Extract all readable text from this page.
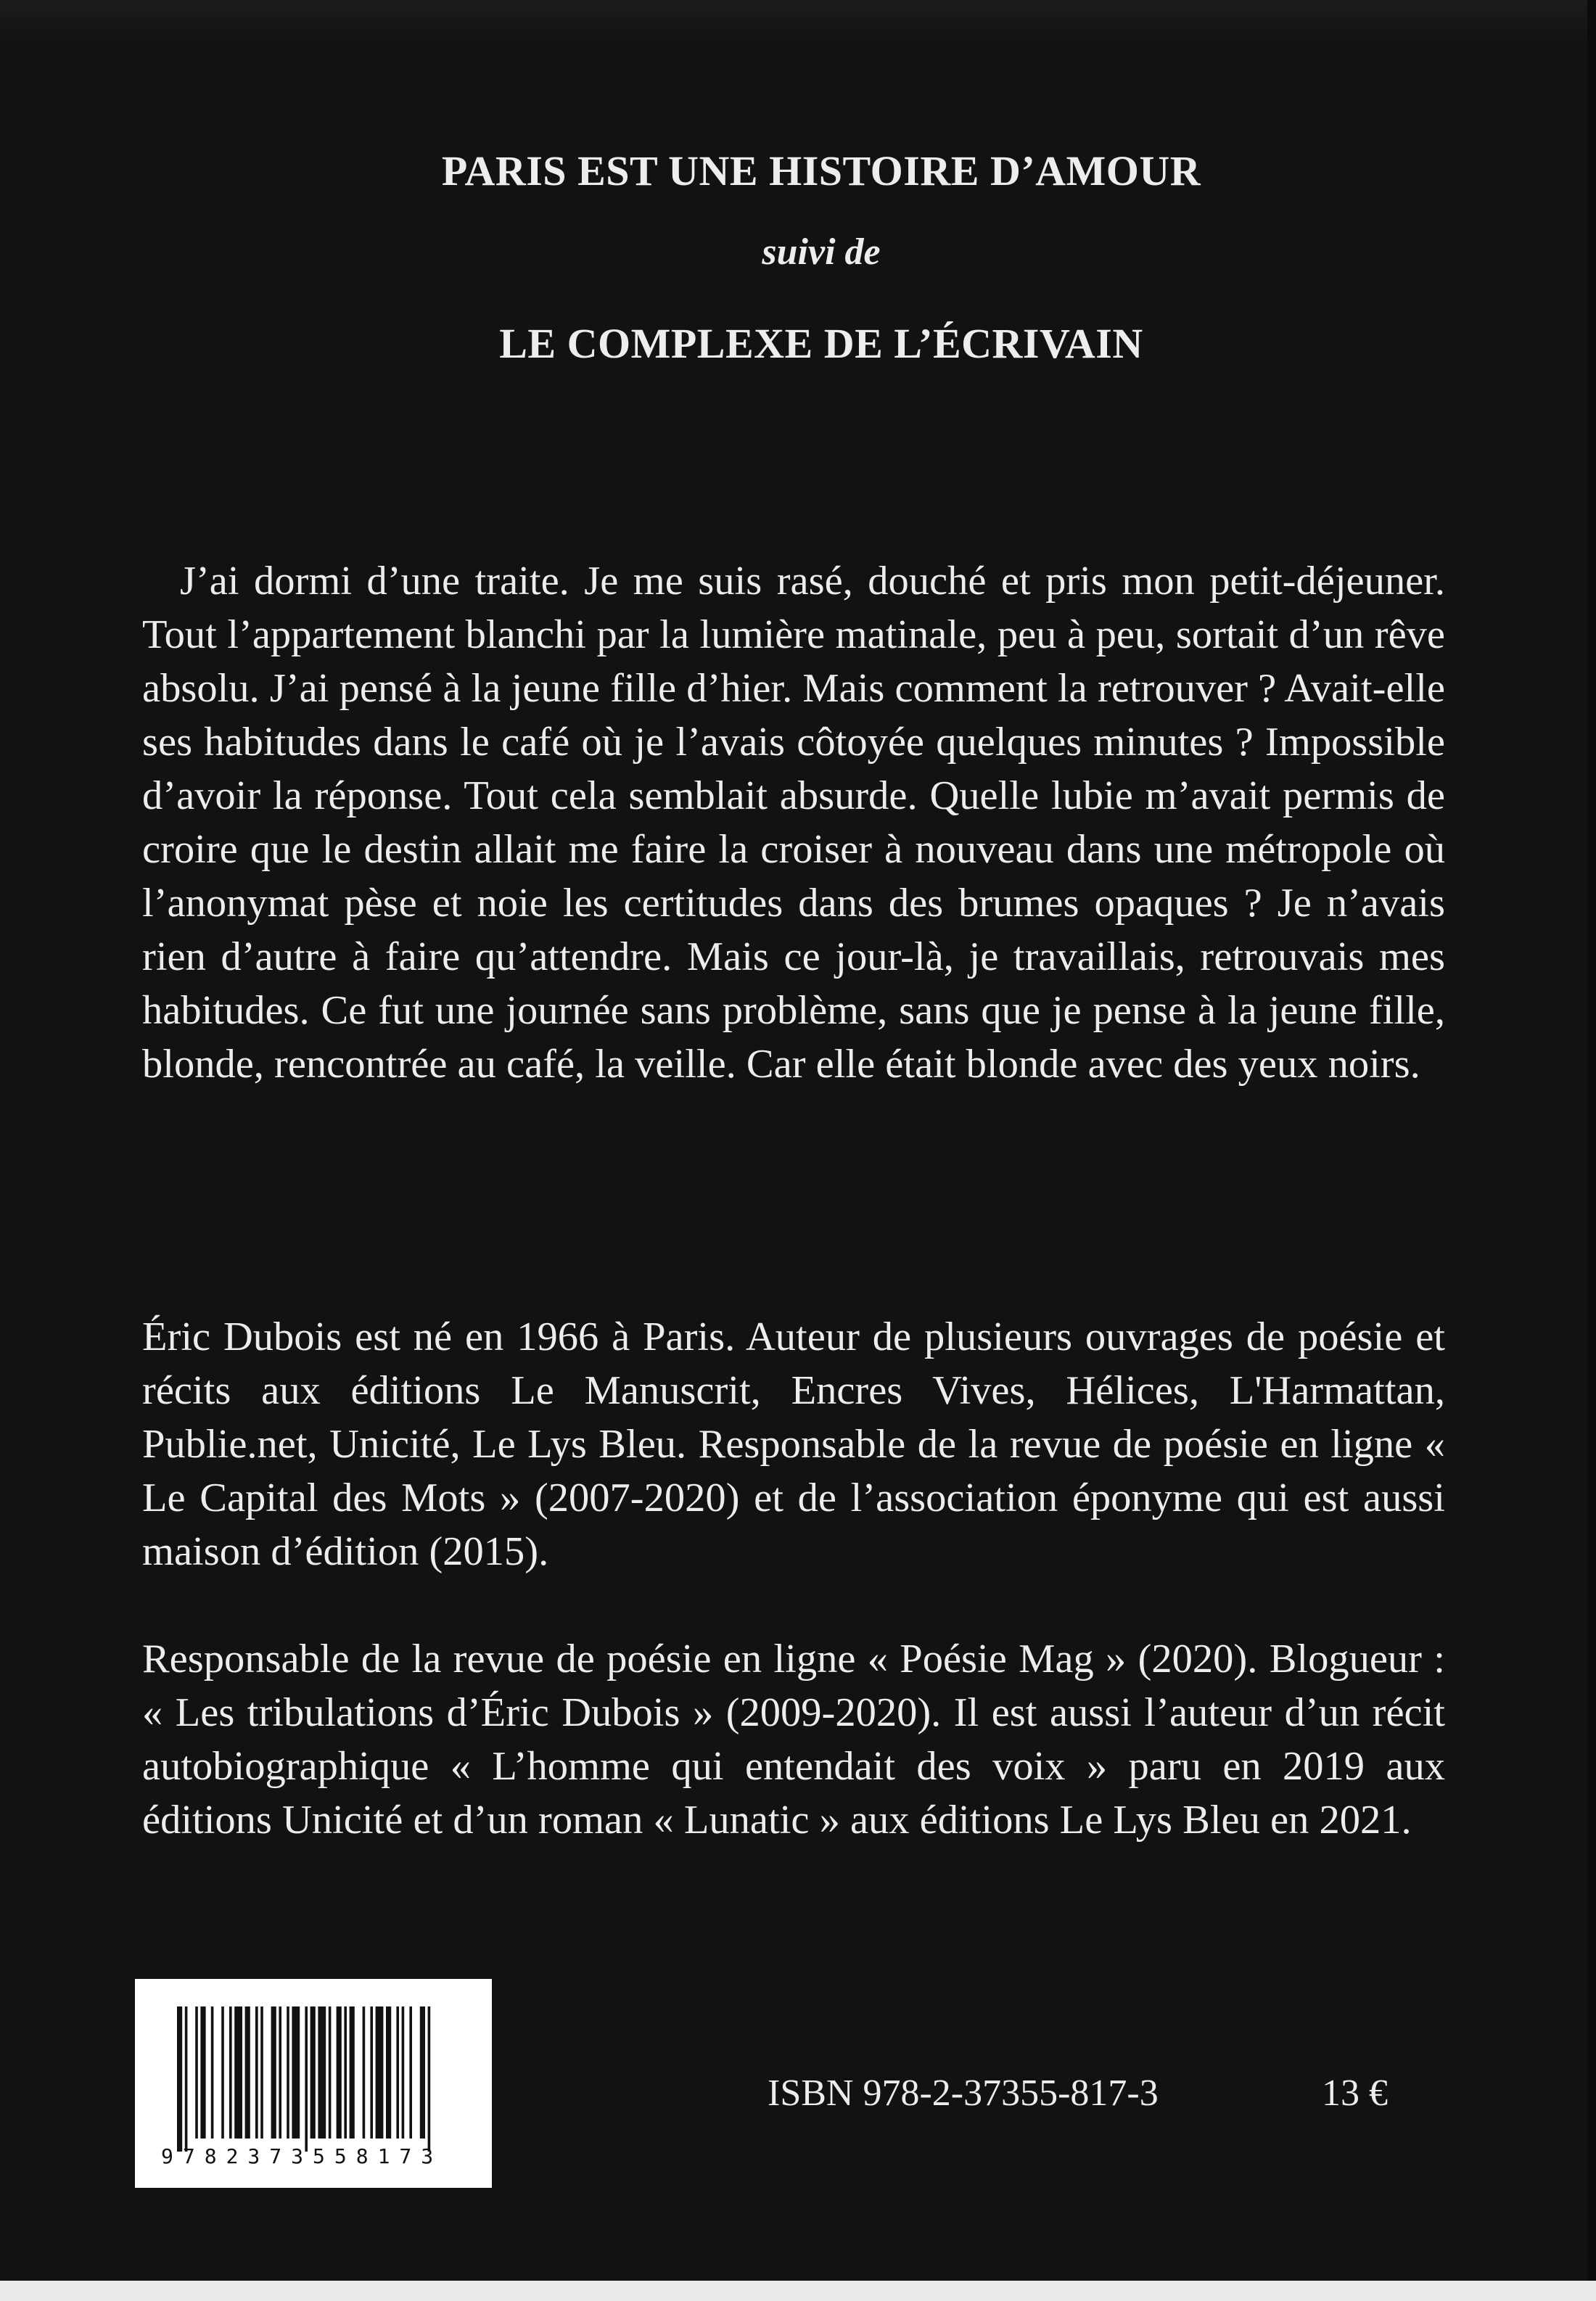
PARIS EST UNE HISTOIRE D’AMOUR
suivi de
LE COMPLEXE DE L’ÉCRIVAIN

J’ai dormi d’une traite. Je me suis rasé, douché et pris mon petit-déjeuner. Tout l’appartement blanchi par la lumière matinale, peu à peu, sortait d’un rêve absolu. J’ai pensé à la jeune fille d’hier. Mais comment la retrouver ? Avait-elle ses habitudes dans le café où je l’avais côtoyée quelques minutes ? Impossible d’avoir la réponse. Tout cela semblait absurde. Quelle lubie m’avait permis de croire que le destin allait me faire la croiser à nouveau dans une métropole où l’anonymat pèse et noie les certitudes dans des brumes opaques ? Je n’avais rien d’autre à faire qu’attendre. Mais ce jour-là, je travaillais, retrouvais mes habitudes. Ce fut une journée sans problème, sans que je pense à la jeune fille, blonde, rencontrée au café, la veille. Car elle était blonde avec des yeux noirs.

Éric Dubois est né en 1966 à Paris. Auteur de plusieurs ouvrages de poésie et récits aux éditions Le Manuscrit, Encres Vives, Hélices, L'Harmattan, Publie.net, Unicité, Le Lys Bleu. Responsable de la revue de poésie en ligne « Le Capital des Mots » (2007-2020) et de l’association éponyme qui est aussi maison d’édition (2015).

Responsable de la revue de poésie en ligne « Poésie Mag » (2020). Blogueur : « Les tribulations d’Éric Dubois » (2009-2020). Il est aussi l’auteur d’un récit autobiographique « L’homme qui entendait des voix » paru en 2019 aux éditions Unicité et d’un roman « Lunatic » aux éditions Le Lys Bleu en 2021.

9782373558173
ISBN 978-2-37355-817-3	13 €
